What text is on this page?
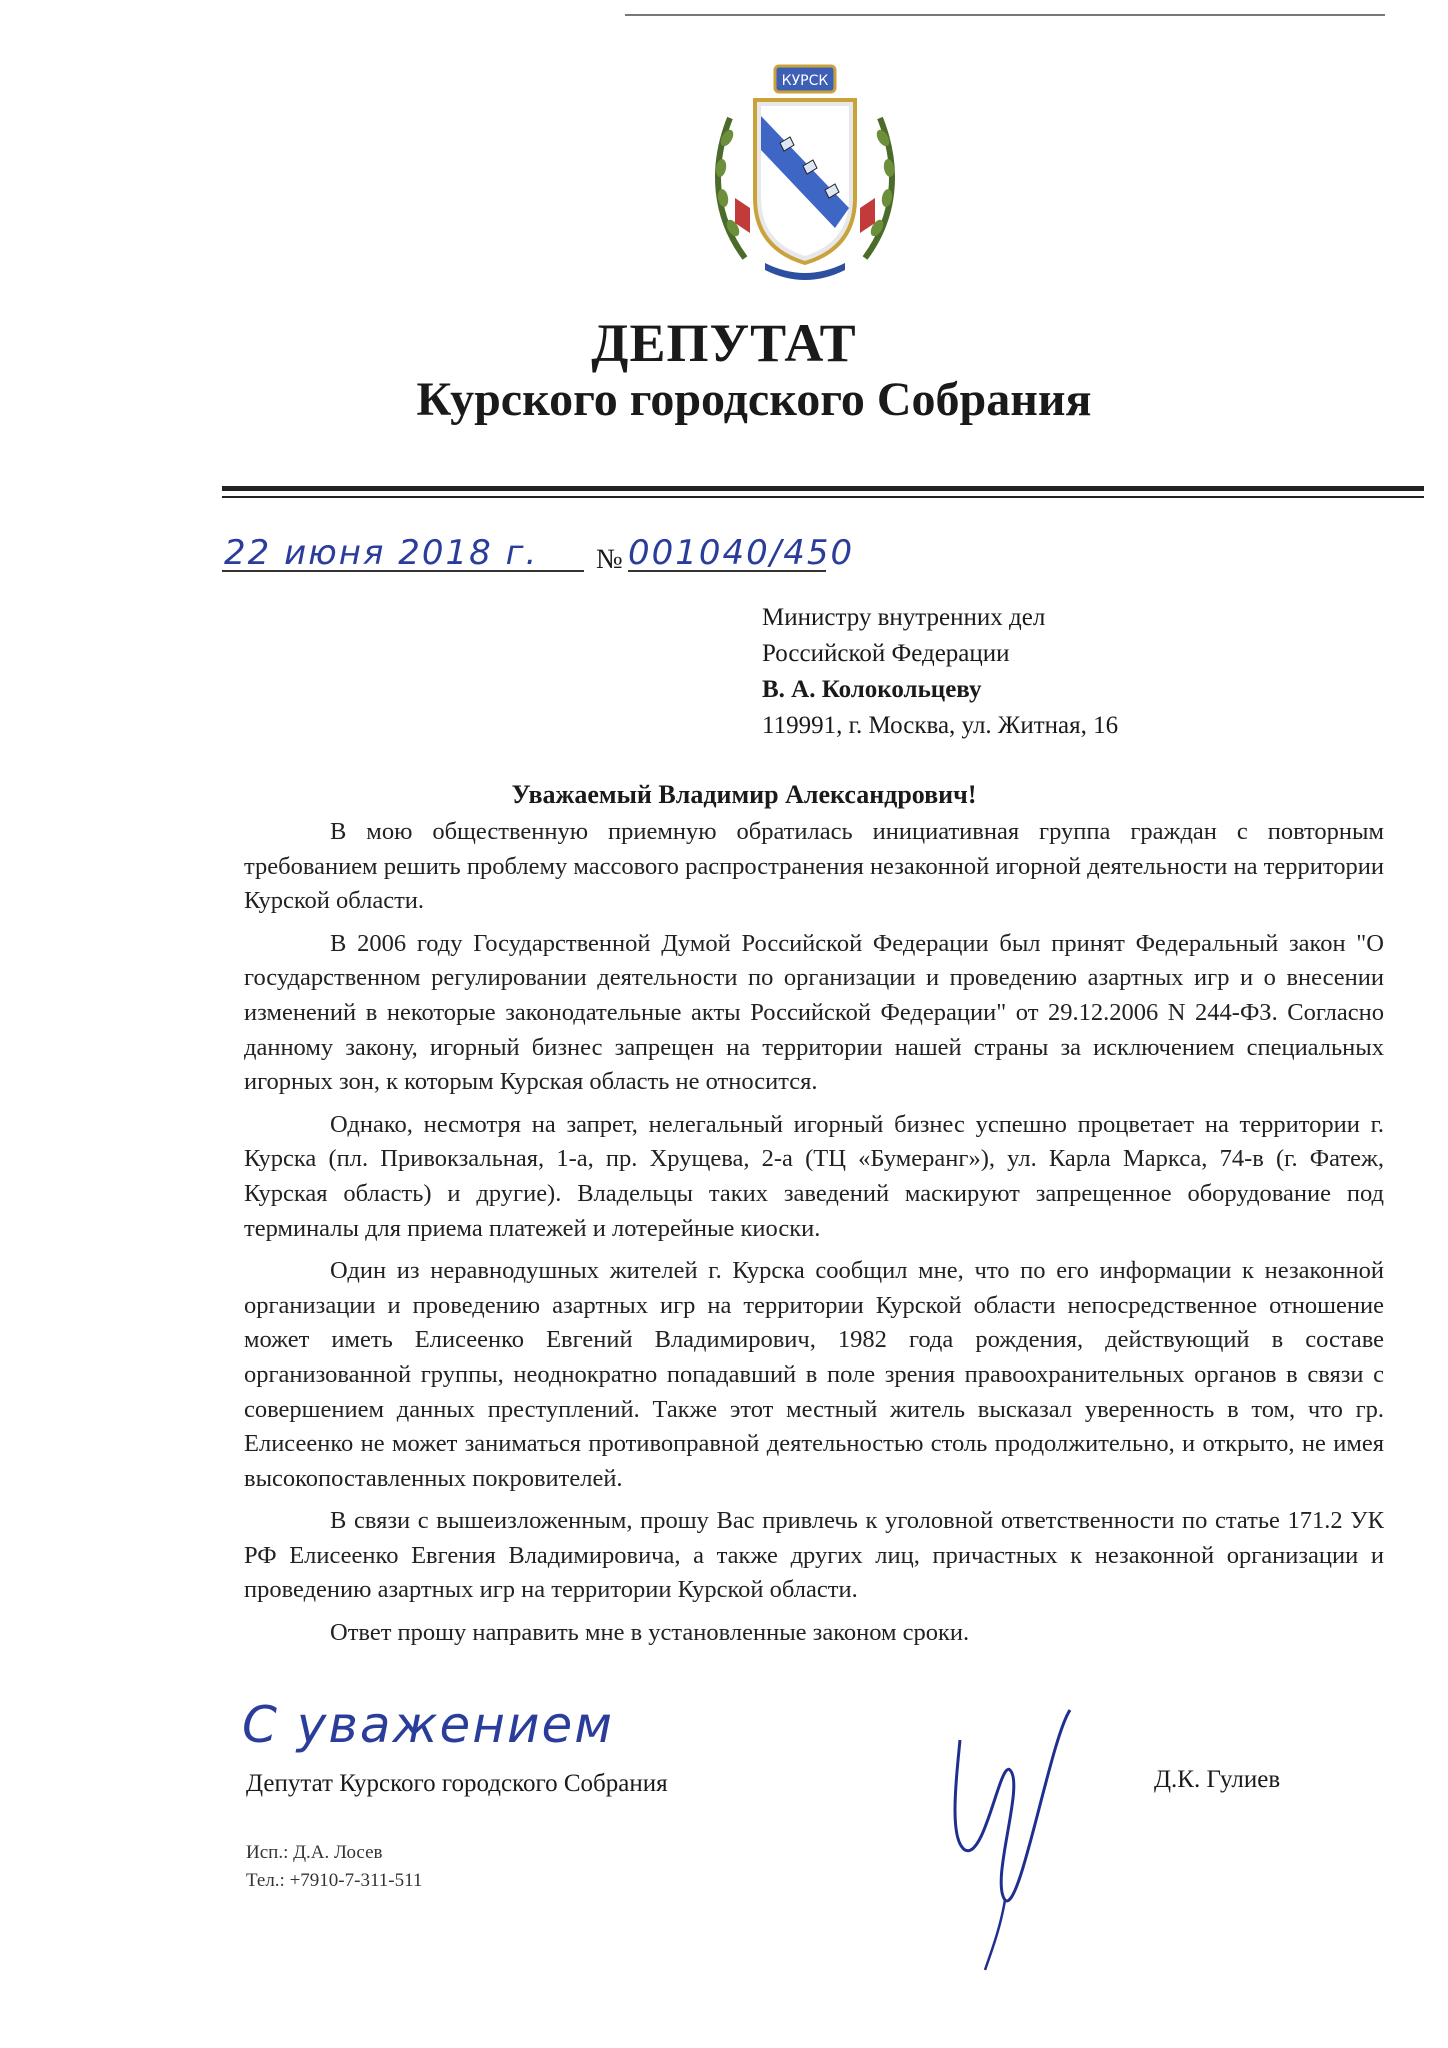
КУРСК
ДЕПУТАТ
Курского городского Собрания
22 июня 2018 г.	№ 001040/450
Министру внутренних дел
Российской Федерации
В. А. Колокольцеву
119991, г. Москва, ул. Житная, 16
Уважаемый Владимир Александрович!

В мою общественную приемную обратилась инициативная группа граждан с повторным требованием решить проблему массового распространения незаконной игорной деятельности на территории Курской области.

В 2006 году Государственной Думой Российской Федерации был принят Федеральный закон "О государственном регулировании деятельности по организации и проведению азартных игр и о внесении изменений в некоторые законодательные акты Российской Федерации" от 29.12.2006 N 244-ФЗ. Согласно данному закону, игорный бизнес запрещен на территории нашей страны за исключением специальных игорных зон, к которым Курская область не относится.

Однако, несмотря на запрет, нелегальный игорный бизнес успешно процветает на территории г. Курска (пл. Привокзальная, 1-а, пр. Хрущева, 2-а (ТЦ «Бумеранг»), ул. Карла Маркса, 74-в (г. Фатеж, Курская область) и другие). Владельцы таких заведений маскируют запрещенное оборудование под терминалы для приема платежей и лотерейные киоски.

Один из неравнодушных жителей г. Курска сообщил мне, что по его информации к незаконной организации и проведению азартных игр на территории Курской области непосредственное отношение может иметь Елисеенко Евгений Владимирович, 1982 года рождения, действующий в составе организованной группы, неоднократно попадавший в поле зрения правоохранительных органов в связи с совершением данных преступлений. Также этот местный житель высказал уверенность в том, что гр. Елисеенко не может заниматься противоправной деятельностью столь продолжительно, и открыто, не имея высокопоставленных покровителей.

В связи с вышеизложенным, прошу Вас привлечь к уголовной ответственности по статье 171.2 УК РФ Елисеенко Евгения Владимировича, а также других лиц, причастных к незаконной организации и проведению азартных игр на территории Курской области.

Ответ прошу направить мне в установленные законом сроки.

С уважением
Депутат Курского городского Собрания	Д.К. Гулиев
Исп.: Д.А. Лосев
Тел.: +7910-7-311-511
